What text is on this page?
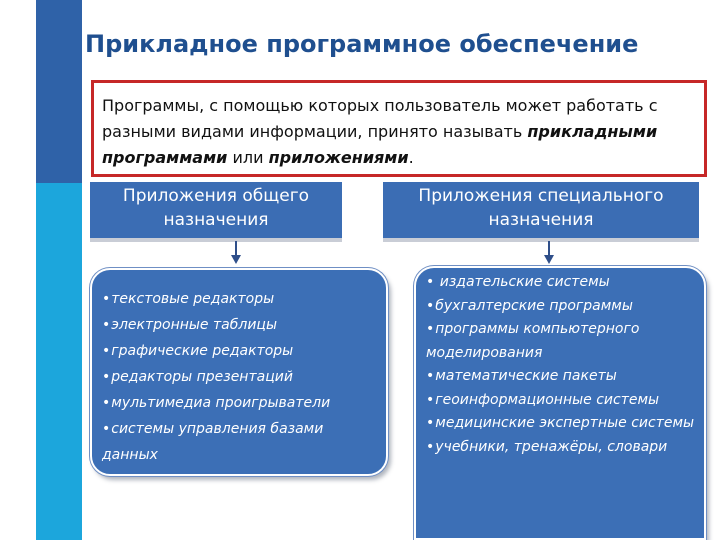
Прикладное программное обеспечение
Программы, с помощью которых пользователь может работать с разными видами информации, принято называть прикладными программами или приложениями.
Приложения общего назначения
Приложения специального назначения
• текстовые редакторы
• электронные таблицы
• графические редакторы
• редакторы презентаций
• мультимедиа проигрыватели
• системы управления базами данных
• издательские системы
• бухгалтерские программы
• программы компьютерного моделирования
• математические пакеты
• геоинформационные системы
• медицинские экспертные системы
• учебники, тренажёры, словари
